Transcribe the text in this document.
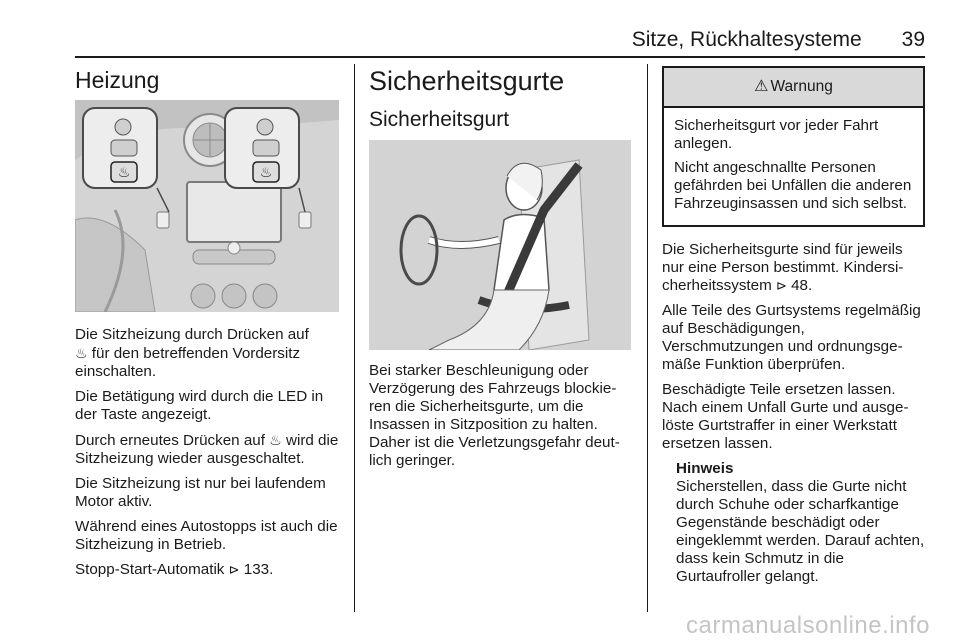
Sitze, Rückhaltesysteme 39
Heizung
♨	♨

Die Sitzheizung durch Drücken auf
♨ für den betreffenden Vordersitz einschalten.

Die Betätigung wird durch die LED in der Taste angezeigt.

Durch erneutes Drücken auf ♨ wird die Sitzheizung wieder ausgeschaltet.

Die Sitzheizung ist nur bei laufendem Motor aktiv.

Während eines Autostopps ist auch die Sitzheizung in Betrieb.

Stopp-Start-Automatik ⊳ 133.

Sicherheitsgurte
Sicherheitsgurt

Bei starker Beschleunigung oder Verzögerung des Fahrzeugs blockieren die Sicherheitsgurte, um die Insassen in Sitzposition zu halten. Daher ist die Verletzungsgefahr deutlich geringer.

⚠ Warnung

Sicherheitsgurt vor jeder Fahrt anlegen.

Nicht angeschnallte Personen gefährden bei Unfällen die anderen Fahrzeuginsassen und sich selbst.

Die Sicherheitsgurte sind für jeweils nur eine Person bestimmt. Kindersicherheitssystem ⊳ 48.

Alle Teile des Gurtsystems regelmäßig auf Beschädigungen, Verschmutzungen und ordnungsgemäße Funktion überprüfen.

Beschädigte Teile ersetzen lassen. Nach einem Unfall Gurte und ausgelöste Gurtstraffer in einer Werkstatt ersetzen lassen.

Hinweis
Sicherstellen, dass die Gurte nicht durch Schuhe oder scharfkantige Gegenstände beschädigt oder eingeklemmt werden. Darauf achten, dass kein Schmutz in die Gurtaufroller gelangt.
carmanualsonline.info
